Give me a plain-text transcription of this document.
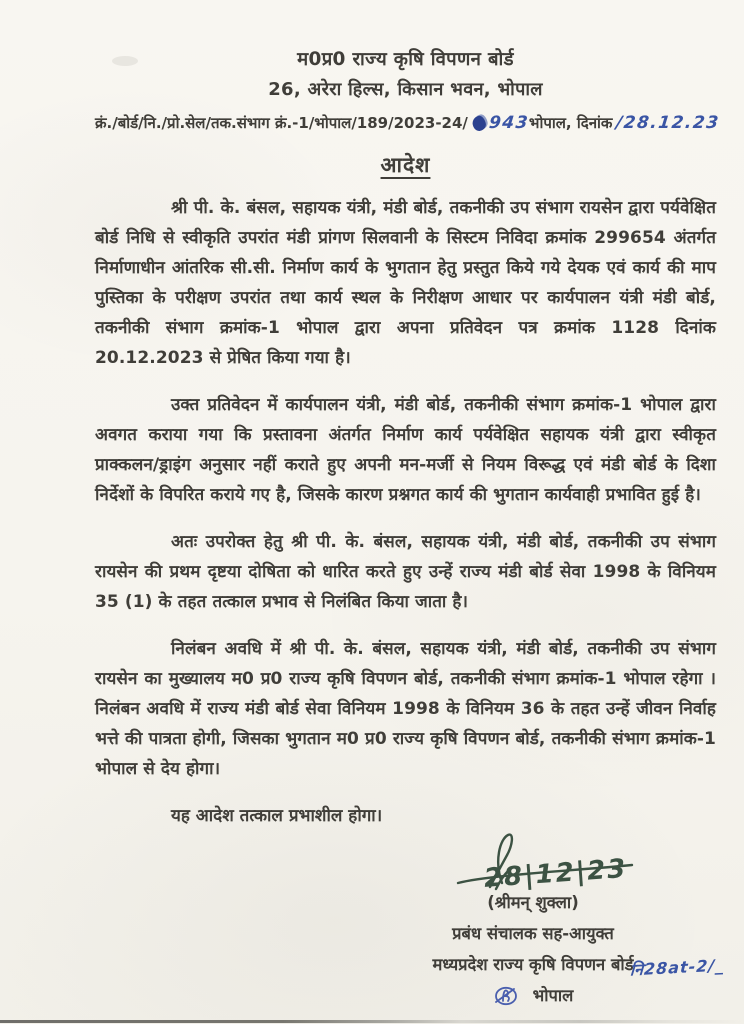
म0प्र0 राज्य कृषि विपणन बोर्ड
26, अरेरा हिल्स, किसान भवन, भोपाल
क्रं./बोर्ड/नि./प्रो.सेल/तक.संभाग क्रं.-1/भोपाल/189/2023-24/ 943
भोपाल, दिनांक /28.12.23
आदेश

श्री पी. के. बंसल, सहायक यंत्री, मंडी बोर्ड, तकनीकी उप संभाग रायसेन द्वारा पर्यवेक्षित बोर्ड निधि से स्वीकृति उपरांत मंडी प्रांगण सिलवानी के सिस्टम निविदा क्रमांक 299654 अंतर्गत निर्माणाधीन आंतरिक सी.सी. निर्माण कार्य के भुगतान हेतु प्रस्तुत किये गये देयक एवं कार्य की माप पुस्तिका के परीक्षण उपरांत तथा कार्य स्थल के निरीक्षण आधार पर कार्यपालन यंत्री मंडी बोर्ड, तकनीकी संभाग क्रमांक-1 भोपाल द्वारा अपना प्रतिवेदन पत्र क्रमांक 1128 दिनांक 20.12.2023 से प्रेषित किया गया है।

उक्त प्रतिवेदन में कार्यपालन यंत्री, मंडी बोर्ड, तकनीकी संभाग क्रमांक-1 भोपाल द्वारा अवगत कराया गया कि प्रस्तावना अंतर्गत निर्माण कार्य पर्यवेक्षित सहायक यंत्री द्वारा स्वीकृत प्राक्कलन/ड्राइंग अनुसार नहीं कराते हुए अपनी मन-मर्जी से नियम विरूद्ध एवं मंडी बोर्ड के दिशा निर्देशों के विपरित कराये गए है, जिसके कारण प्रश्नगत कार्य की भुगतान कार्यवाही प्रभावित हुई है।

अतः उपरोक्त हेतु श्री पी. के. बंसल, सहायक यंत्री, मंडी बोर्ड, तकनीकी उप संभाग रायसेन की प्रथम दृष्टया दोषिता को धारित करते हुए उन्हें राज्य मंडी बोर्ड सेवा 1998 के विनियम 35 (1) के तहत तत्काल प्रभाव से निलंबित किया जाता है।

निलंबन अवधि में श्री पी. के. बंसल, सहायक यंत्री, मंडी बोर्ड, तकनीकी उप संभाग रायसेन का मुख्यालय म0 प्र0 राज्य कृषि विपणन बोर्ड, तकनीकी संभाग क्रमांक-1 भोपाल रहेगा । निलंबन अवधि में राज्य मंडी बोर्ड सेवा विनियम 1998 के विनियम 36 के तहत उन्हें जीवन निर्वाह भत्ते की पात्रता होगी, जिसका भुगतान म0 प्र0 राज्य कृषि विपणन बोर्ड, तकनीकी संभाग क्रमांक-1 भोपाल से देय होगा।

यह आदेश तत्काल प्रभाशील होगा।

28|12|23
(श्रीमन् शुक्ला)
प्रबंध संचालक सह-आयुक्त
मध्यप्रदेश राज्य कृषि विपणन बोर्ड
भोपाल
नि28at-2/_
